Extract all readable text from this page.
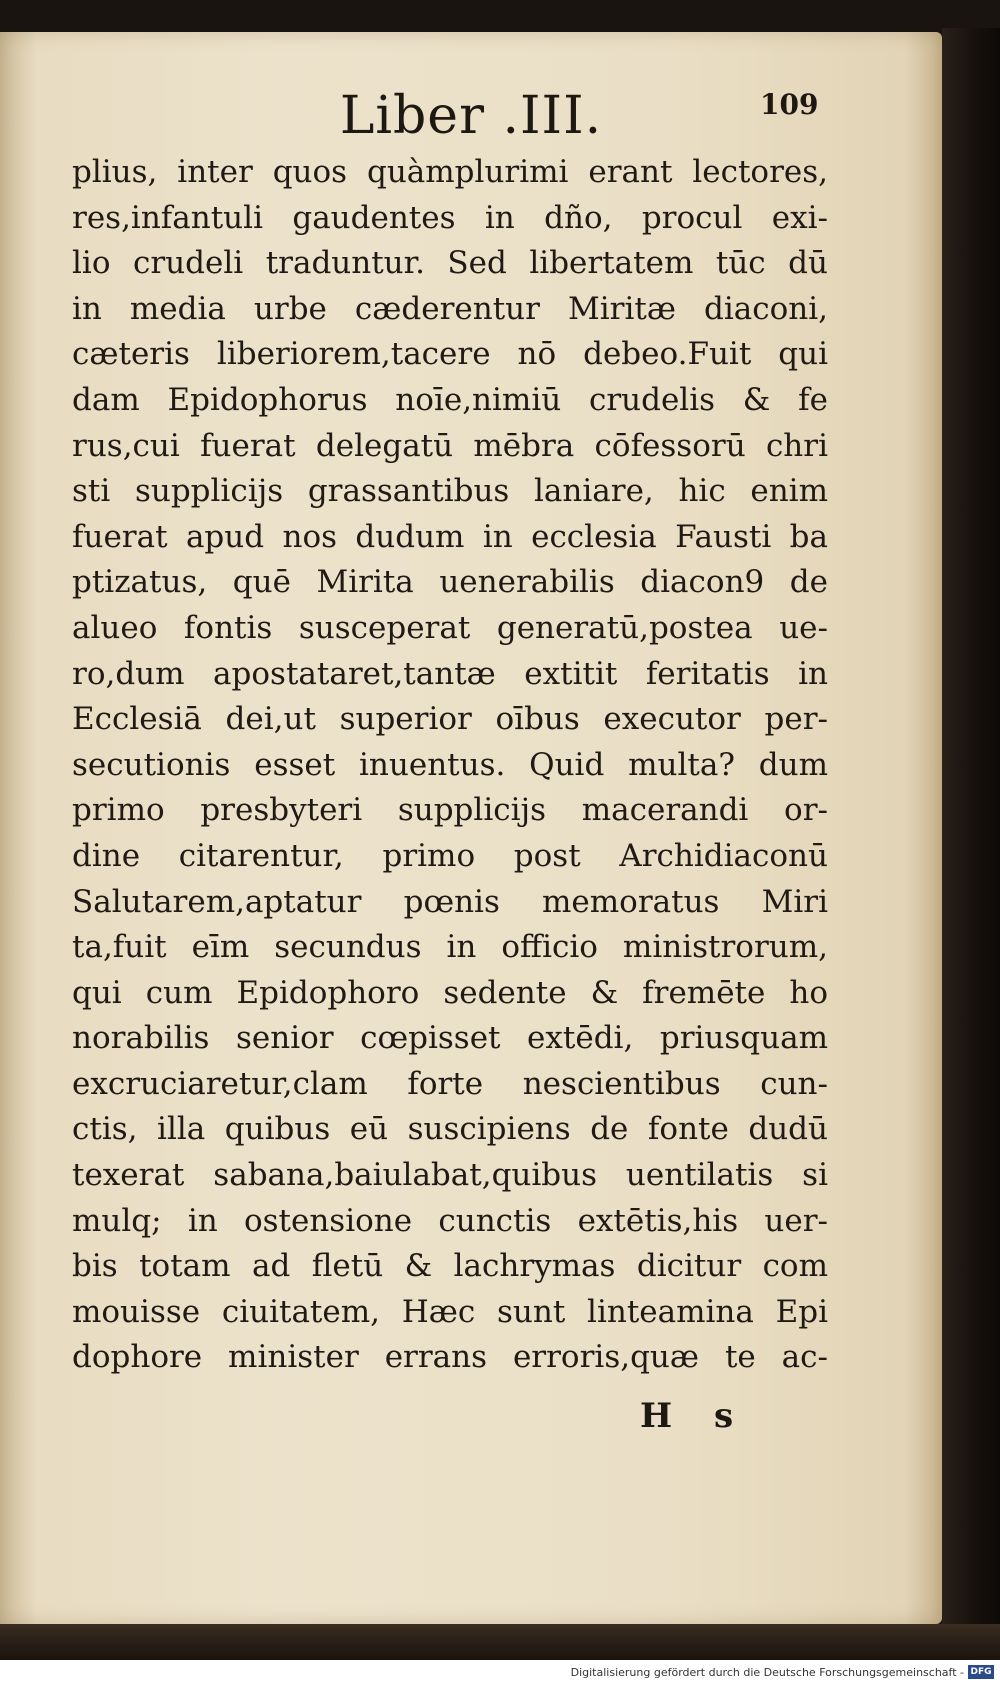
Liber .III.	109
plius, inter quos quàmplurimi erant lectores,
res,infantuli gaudentes in dño, procul exi-
lio crudeli traduntur. Sed libertatem tūc dū
in media urbe cæderentur Miritæ diaconi,
cæteris liberiorem,tacere nō debeo.Fuit qui
dam Epidophorus noīe,nimiū crudelis & fe
rus,cui fuerat delegatū mēbra cōfessorū chri
sti supplicijs grassantibus laniare, hic enim
fuerat apud nos dudum in ecclesia Fausti ba
ptizatus, quē Mirita uenerabilis diacon9 de
alueo fontis susceperat generatū,postea ue-
ro,dum apostataret,tantæ extitit feritatis in
Ecclesiā dei,ut superior oībus executor per-
secutionis esset inuentus. Quid multa? dum
primo presbyteri supplicijs macerandi or-
dine citarentur, primo post Archidiaconū
Salutarem,aptatur pœnis memoratus Miri
ta,fuit eīm secundus in officio ministrorum,
qui cum Epidophoro sedente & fremēte ho
norabilis senior cœpisset extēdi, priusquam
excruciaretur,clam forte nescientibus cun-
ctis, illa quibus eū suscipiens de fonte dudū
texerat sabana,baiulabat,quibus uentilatis si
mulq; in ostensione cunctis extētis,his uer-
bis totam ad fletū & lachrymas dicitur com
mouisse ciuitatem, Hæc sunt linteamina Epi
dophore minister errans erroris,quæ te ac-
H s
Digitalisierung gefördert durch die Deutsche Forschungsgemeinschaft - DFG
